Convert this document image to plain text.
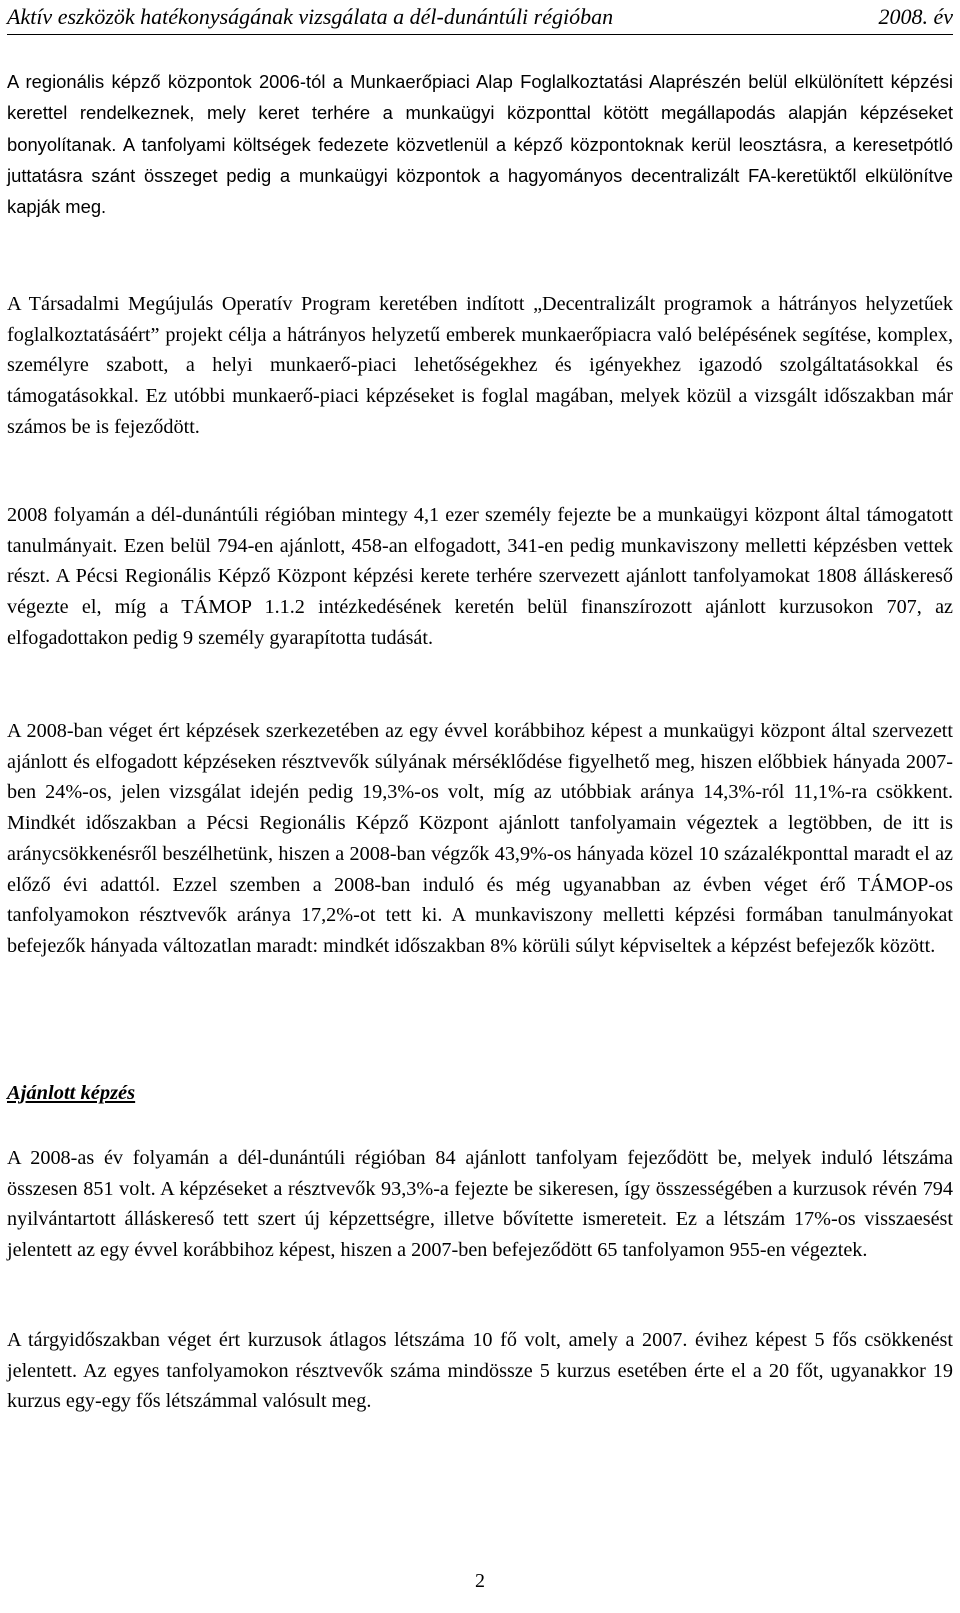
Aktív eszközök hatékonyságának vizsgálata a dél-dunántúli régióban	2008. év

A regionális képző központok 2006-tól a Munkaerőpiaci Alap Foglalkoztatási Alaprészén belül elkülönített képzési kerettel rendelkeznek, mely keret terhére a munkaügyi központtal kötött megállapodás alapján képzéseket bonyolítanak. A tanfolyami költségek fedezete közvetlenül a képző központoknak kerül leosztásra, a keresetpótló juttatásra szánt összeget pedig a munkaügyi központok a hagyományos decentralizált FA-keretüktől elkülönítve kapják meg.

A Társadalmi Megújulás Operatív Program keretében indított „Decentralizált programok a hátrányos helyzetűek foglalkoztatásáért” projekt célja a hátrányos helyzetű emberek munkaerőpiacra való belépésének segítése, komplex, személyre szabott, a helyi munkaerő-piaci lehetőségekhez és igényekhez igazodó szolgáltatásokkal és támogatásokkal. Ez utóbbi munkaerő-piaci képzéseket is foglal magában, melyek közül a vizsgált időszakban már számos be is fejeződött.

2008 folyamán a dél-dunántúli régióban mintegy 4,1 ezer személy fejezte be a munkaügyi központ által támogatott tanulmányait. Ezen belül 794-en ajánlott, 458-an elfogadott, 341-en pedig munkaviszony melletti képzésben vettek részt. A Pécsi Regionális Képző Központ képzési kerete terhére szervezett ajánlott tanfolyamokat 1808 álláskereső végezte el, míg a TÁMOP 1.1.2 intézkedésének keretén belül finanszírozott ajánlott kurzusokon 707, az elfogadottakon pedig 9 személy gyarapította tudását.

A 2008-ban véget ért képzések szerkezetében az egy évvel korábbihoz képest a munkaügyi központ által szervezett ajánlott és elfogadott képzéseken résztvevők súlyának mérséklődése figyelhető meg, hiszen előbbiek hányada 2007-ben 24%-os, jelen vizsgálat idején pedig 19,3%-os volt, míg az utóbbiak aránya 14,3%-ról 11,1%-ra csökkent. Mindkét időszakban a Pécsi Regionális Képző Központ ajánlott tanfolyamain végeztek a legtöbben, de itt is aránycsökkenésről beszélhetünk, hiszen a 2008-ban végzők 43,9%-os hányada közel 10 százalékponttal maradt el az előző évi adattól. Ezzel szemben a 2008-ban induló és még ugyanabban az évben véget érő TÁMOP-os tanfolyamokon résztvevők aránya 17,2%-ot tett ki. A munkaviszony melletti képzési formában tanulmányokat befejezők hányada változatlan maradt: mindkét időszakban 8% körüli súlyt képviseltek a képzést befejezők között.

Ajánlott képzés

A 2008-as év folyamán a dél-dunántúli régióban 84 ajánlott tanfolyam fejeződött be, melyek induló létszáma összesen 851 volt. A képzéseket a résztvevők 93,3%-a fejezte be sikeresen, így összességében a kurzusok révén 794 nyilvántartott álláskereső tett szert új képzettségre, illetve bővítette ismereteit. Ez a létszám 17%-os visszaesést jelentett az egy évvel korábbihoz képest, hiszen a 2007-ben befejeződött 65 tanfolyamon 955-en végeztek.

A tárgyidőszakban véget ért kurzusok átlagos létszáma 10 fő volt, amely a 2007. évihez képest 5 fős csökkenést jelentett. Az egyes tanfolyamokon résztvevők száma mindössze 5 kurzus esetében érte el a 20 főt, ugyanakkor 19 kurzus egy-egy fős létszámmal valósult meg.

2
